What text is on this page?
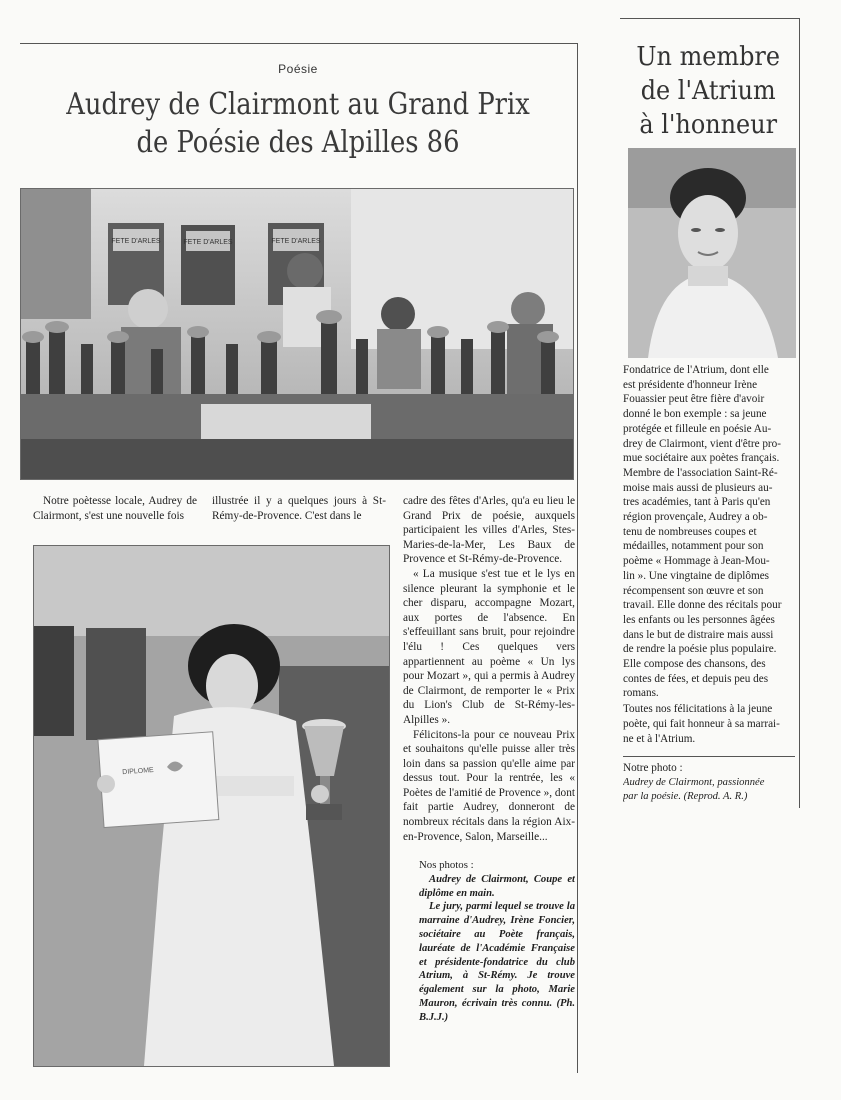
Poésie
Audrey de Clairmont au Grand Prix
de Poésie des Alpilles 86
FETE D'ARLES	FETE D'ARLES	FETE D'ARLES
DIPLOME

Notre poètesse locale, Audrey de Clairmont, s'est une nouvelle fois

illustrée il y a quelques jours à St-Rémy-de-Provence. C'est dans le

cadre des fêtes d'Arles, qu'a eu lieu le Grand Prix de poésie, auxquels participaient les villes d'Arles, Stes-Maries-de-la-Mer, Les Baux de Provence et St-Rémy-de-Provence.

« La musique s'est tue et le lys en silence pleurant la symphonie et le cher disparu, accompagne Mozart, aux portes de l'absence. En s'effeuillant sans bruit, pour rejoindre l'élu ! Ces quelques vers appartiennent au poème « Un lys pour Mozart », qui a permis à Audrey de Clairmont, de remporter le « Prix du Lion's Club de St-Rémy-les-Alpilles ».

Félicitons-la pour ce nouveau Prix et souhaitons qu'elle puisse aller très loin dans sa passion qu'elle aime par dessus tout. Pour la rentrée, les « Poètes de l'amitié de Provence », dont fait partie Audrey, donneront de nombreux récitals dans la région Aix-en-Provence, Salon, Marseille...

Nos photos :

Audrey de Clairmont, Coupe et diplôme en main.

Le jury, parmi lequel se trouve la marraine d'Audrey, Irène Foncier, sociétaire au Poète français, lauréate de l'Académie Française et présidente-fondatrice du club Atrium, à St-Rémy. Je trouve également sur la photo, Marie Mauron, écrivain très connu. (Ph. B.J.J.)

Un membre
de l'Atrium
à l'honneur

Fondatrice de l'Atrium, dont elle

est présidente d'honneur Irène

Fouassier peut être fière d'avoir

donné le bon exemple : sa jeune

protégée et filleule en poésie Au-

drey de Clairmont, vient d'être pro-

mue sociétaire aux poètes français.

Membre de l'association Saint-Ré-

moise mais aussi de plusieurs au-

tres académies, tant à Paris qu'en

région provençale, Audrey a ob-

tenu de nombreuses coupes et

médailles, notamment pour son

poème « Hommage à Jean-Mou-

lin ». Une vingtaine de diplômes

récompensent son œuvre et son

travail. Elle donne des récitals pour

les enfants ou les personnes âgées

dans le but de distraire mais aussi

de rendre la poésie plus populaire.

Elle compose des chansons, des

contes de fées, et depuis peu des

romans.

Toutes nos félicitations à la jeune

poète, qui fait honneur à sa marrai-

ne et à l'Atrium.

Notre photo :

Audrey de Clairmont, passionnée

par la poésie. (Reprod. A. R.)
